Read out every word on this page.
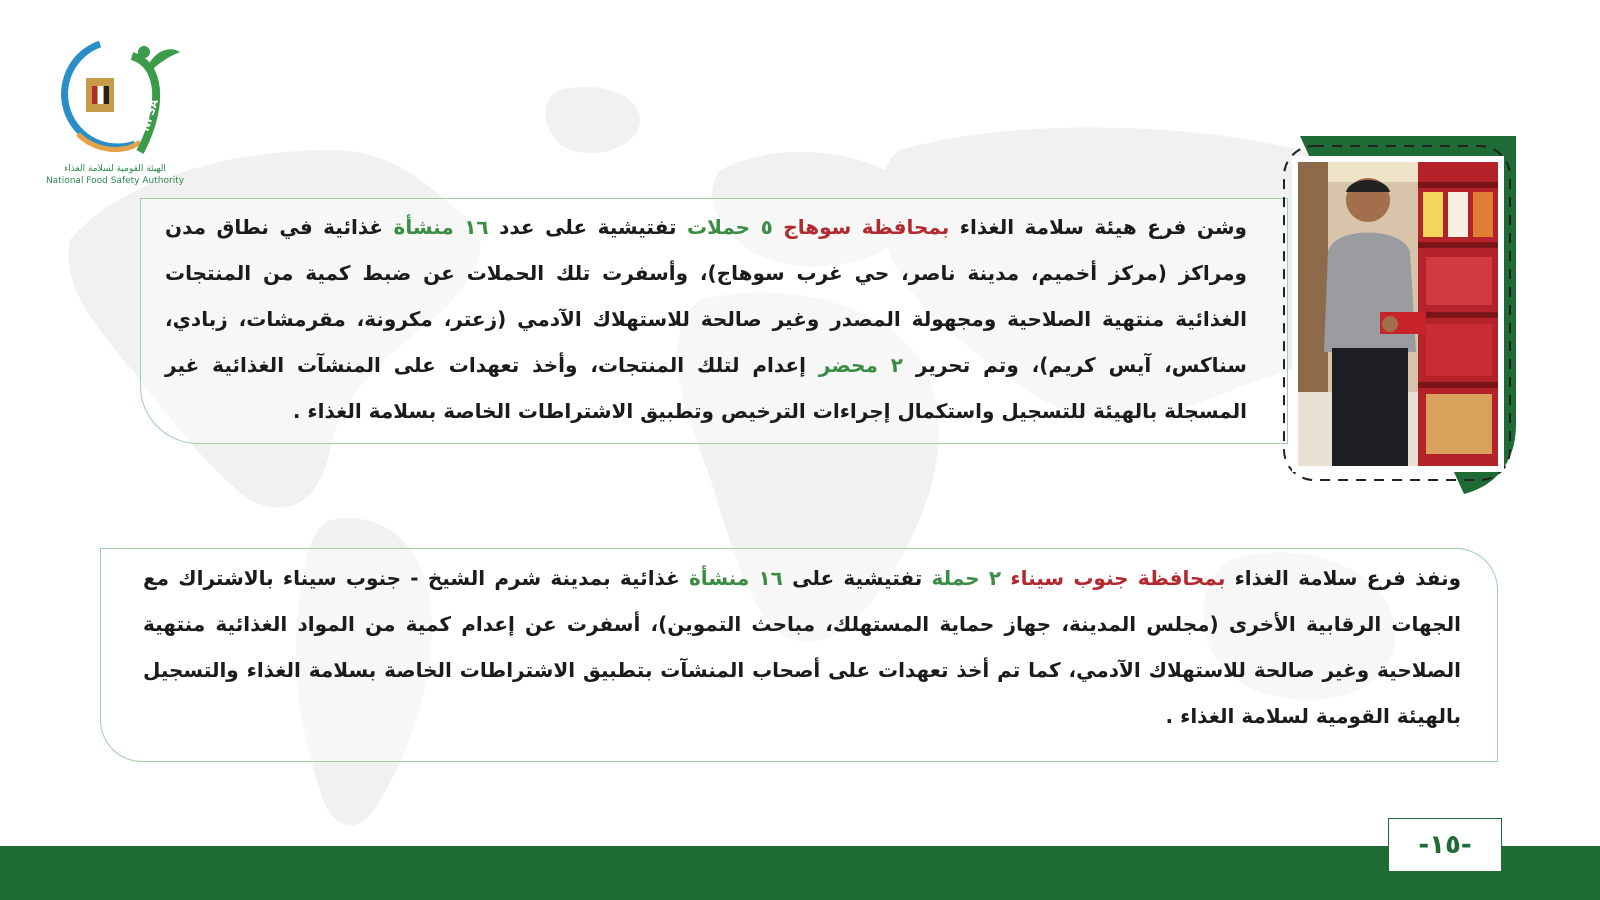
NFSA
الهيئة القومية لسلامة الغذاء
National Food Safety Authority

وشن فرع هيئة سلامة الغذاء بمحافظة سوهاج ٥ حملات تفتيشية على عدد ١٦ منشأة غذائية في نطاق مدن ومراكز (مركز أخميم، مدينة ناصر، حي غرب سوهاج)، وأسفرت تلك الحملات عن ضبط كمية من المنتجات الغذائية منتهية الصلاحية ومجهولة المصدر وغير صالحة للاستهلاك الآدمي (زعتر، مكرونة، مقرمشات، زبادي، سناكس، آيس كريم)، وتم تحرير ٢ محضر إعدام لتلك المنتجات، وأخذ تعهدات على المنشآت الغذائية غير المسجلة بالهيئة للتسجيل واستكمال إجراءات الترخيص وتطبيق الاشتراطات الخاصة بسلامة الغذاء .

ونفذ فرع سلامة الغذاء بمحافظة جنوب سيناء ٢ حملة تفتيشية على ١٦ منشأة غذائية بمدينة شرم الشيخ - جنوب سيناء بالاشتراك مع الجهات الرقابية الأخرى (مجلس المدينة، جهاز حماية المستهلك، مباحث التموين)، أسفرت عن إعدام كمية من المواد الغذائية منتهية الصلاحية وغير صالحة للاستهلاك الآدمي، كما تم أخذ تعهدات على أصحاب المنشآت بتطبيق الاشتراطات الخاصة بسلامة الغذاء والتسجيل بالهيئة القومية لسلامة الغذاء .

-١٥-
